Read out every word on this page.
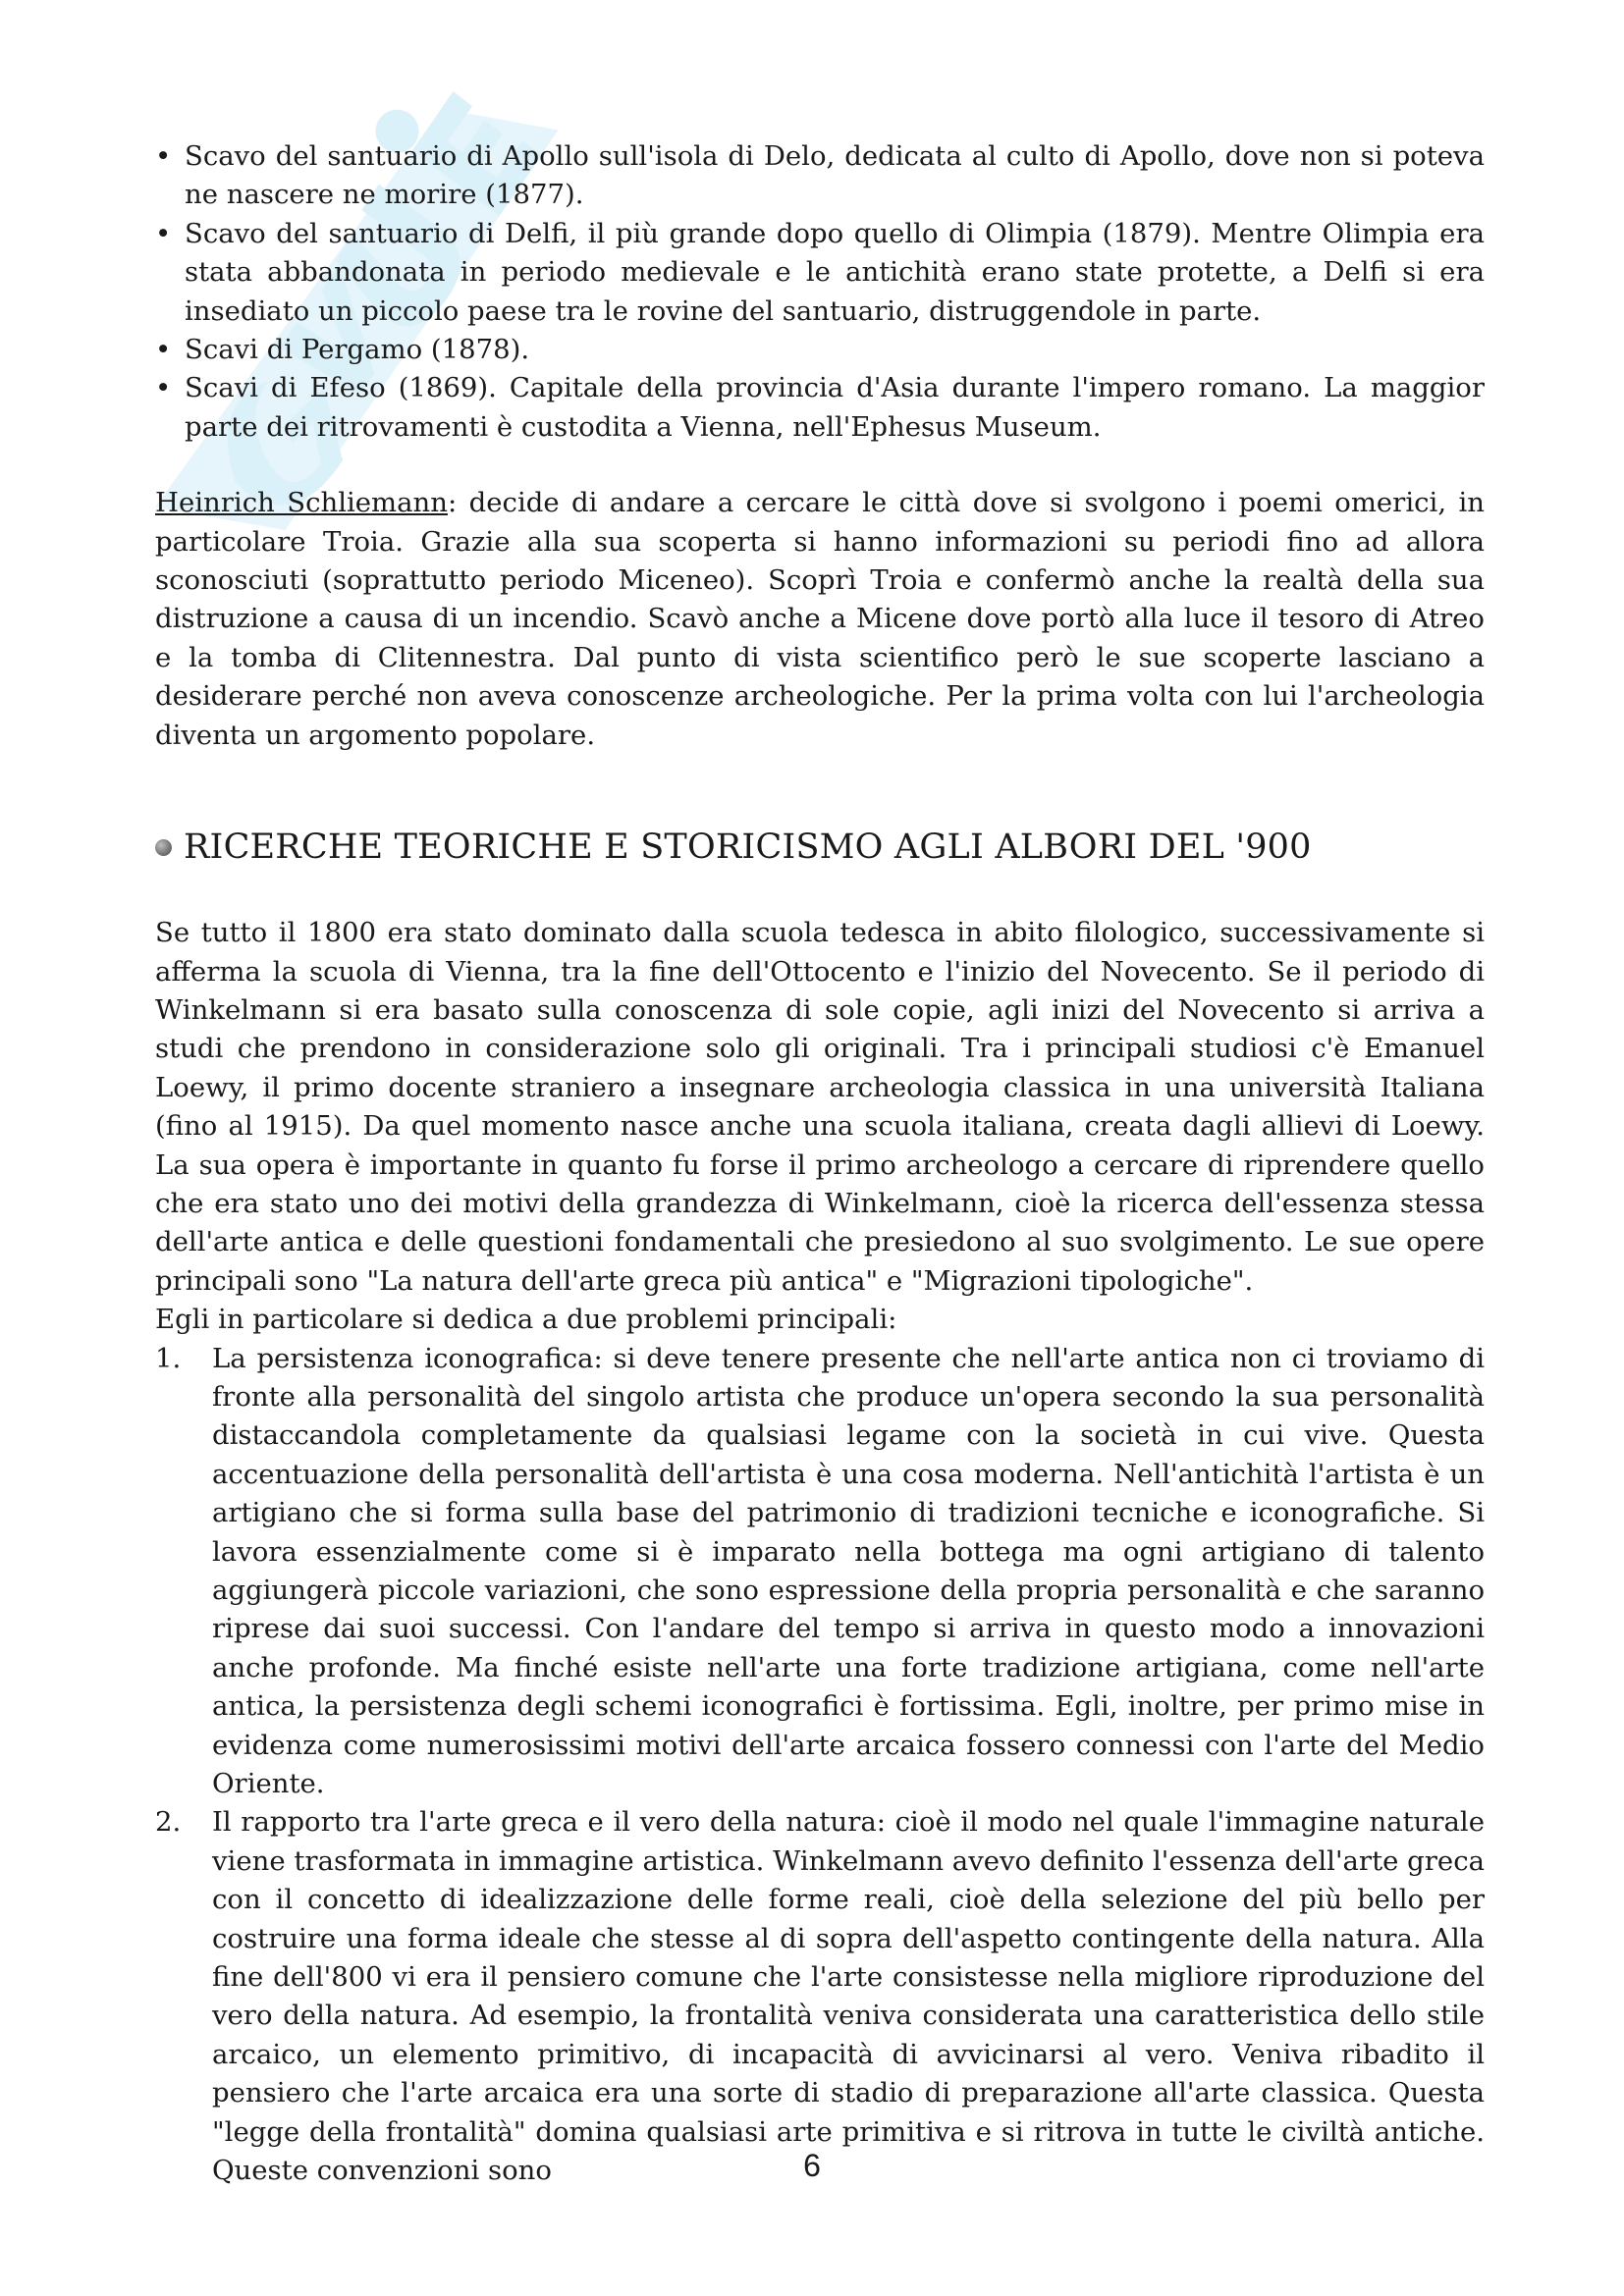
• Scavo del santuario di Apollo sull'isola di Delo, dedicata al culto di Apollo, dove non si poteva ne nascere ne morire (1877).
• Scavo del santuario di Delfi, il più grande dopo quello di Olimpia (1879). Mentre Olimpia era stata abbandonata in periodo medievale e le antichità erano state protette, a Delfi si era insediato un piccolo paese tra le rovine del santuario, distruggendole in parte.
• Scavi di Pergamo (1878).
• Scavi di Efeso (1869). Capitale della provincia d'Asia durante l'impero romano. La maggior parte dei ritrovamenti è custodita a Vienna, nell'Ephesus Museum.

Heinrich Schliemann: decide di andare a cercare le città dove si svolgono i poemi omerici, in particolare Troia. Grazie alla sua scoperta si hanno informazioni su periodi fino ad allora sconosciuti (soprattutto periodo Miceneo). Scoprì Troia e confermò anche la realtà della sua distruzione a causa di un incendio. Scavò anche a Micene dove portò alla luce il tesoro di Atreo e la tomba di Clitennestra. Dal punto di vista scientifico però le sue scoperte lasciano a desiderare perché non aveva conoscenze archeologiche. Per la prima volta con lui l'archeologia diventa un argomento popolare.

RICERCHE TEORICHE E STORICISMO AGLI ALBORI DEL '900

Se tutto il 1800 era stato dominato dalla scuola tedesca in abito filologico, successivamente si afferma la scuola di Vienna, tra la fine dell'Ottocento e l'inizio del Novecento. Se il periodo di Winkelmann si era basato sulla conoscenza di sole copie, agli inizi del Novecento si arriva a studi che prendono in considerazione solo gli originali. Tra i principali studiosi c'è Emanuel Loewy, il primo docente straniero a insegnare archeologia classica in una università Italiana (fino al 1915). Da quel momento nasce anche una scuola italiana, creata dagli allievi di Loewy. La sua opera è importante in quanto fu forse il primo archeologo a cercare di riprendere quello che era stato uno dei motivi della grandezza di Winkelmann, cioè la ricerca dell'essenza stessa dell'arte antica e delle questioni fondamentali che presiedono al suo svolgimento. Le sue opere principali sono "La natura dell'arte greca più antica" e "Migrazioni tipologiche".

Egli in particolare si dedica a due problemi principali:

1. La persistenza iconografica: si deve tenere presente che nell'arte antica non ci troviamo di fronte alla personalità del singolo artista che produce un'opera secondo la sua personalità distaccandola completamente da qualsiasi legame con la società in cui vive. Questa accentuazione della personalità dell'artista è una cosa moderna. Nell'antichità l'artista è un artigiano che si forma sulla base del patrimonio di tradizioni tecniche e iconografiche. Si lavora essenzialmente come si è imparato nella bottega ma ogni artigiano di talento aggiungerà piccole variazioni, che sono espressione della propria personalità e che saranno riprese dai suoi successi. Con l'andare del tempo si arriva in questo modo a innovazioni anche profonde. Ma finché esiste nell'arte una forte tradizione artigiana, come nell'arte antica, la persistenza degli schemi iconografici è fortissima. Egli, inoltre, per primo mise in evidenza come numerosissimi motivi dell'arte arcaica fossero connessi con l'arte del Medio Oriente.
2. Il rapporto tra l'arte greca e il vero della natura: cioè il modo nel quale l'immagine naturale viene trasformata in immagine artistica. Winkelmann avevo definito l'essenza dell'arte greca con il concetto di idealizzazione delle forme reali, cioè della selezione del più bello per costruire una forma ideale che stesse al di sopra dell'aspetto contingente della natura. Alla fine dell'800 vi era il pensiero comune che l'arte consistesse nella migliore riproduzione del vero della natura. Ad esempio, la frontalità veniva considerata una caratteristica dello stile arcaico, un elemento primitivo, di incapacità di avvicinarsi al vero. Veniva ribadito il pensiero che l'arte arcaica era una sorte di stadio di preparazione all'arte classica. Questa "legge della frontalità" domina qualsiasi arte primitiva e si ritrova in tutte le civiltà antiche. Queste convenzioni sono	6
